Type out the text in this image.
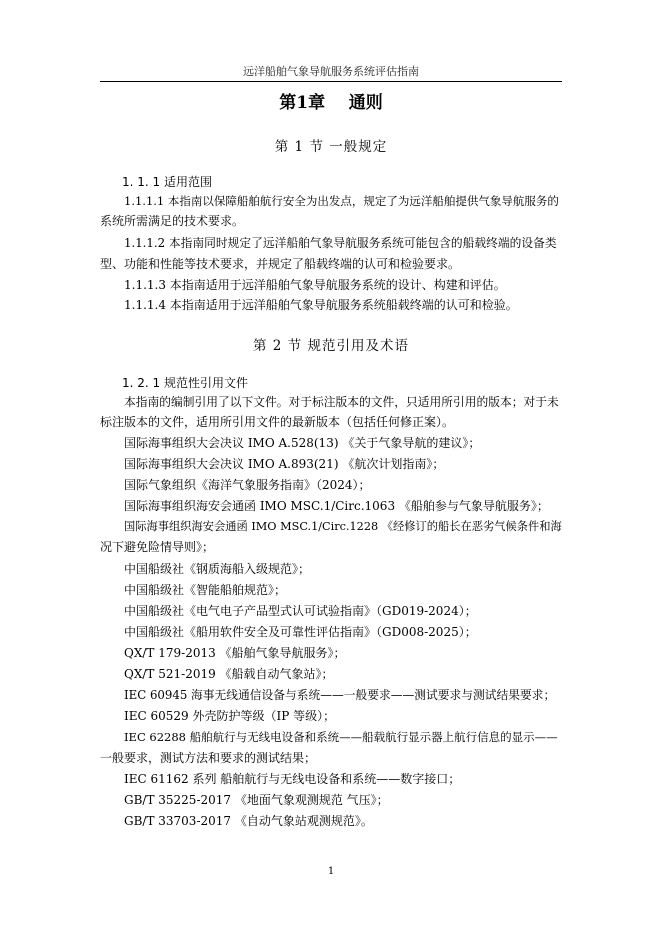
远洋船舶气象导航服务系统评估指南
第1章    通则
第 1 节 一般规定
1. 1. 1 适用范围
1.1.1.1 本指南以保障船舶航行安全为出发点，规定了为远洋船舶提供气象导航服务的
系统所需满足的技术要求。
1.1.1.2 本指南同时规定了远洋船舶气象导航服务系统可能包含的船载终端的设备类
型、功能和性能等技术要求，并规定了船载终端的认可和检验要求。
1.1.1.3 本指南适用于远洋船舶气象导航服务系统的设计、构建和评估。
1.1.1.4 本指南适用于远洋船舶气象导航服务系统船载终端的认可和检验。
第 2 节 规范引用及术语
1. 2. 1 规范性引用文件
本指南的编制引用了以下文件。对于标注版本的文件，只适用所引用的版本；对于未
标注版本的文件，适用所引用文件的最新版本（包括任何修正案）。
国际海事组织大会决议 IMO A.528(13) 《关于气象导航的建议》；
国际海事组织大会决议 IMO A.893(21) 《航次计划指南》；
国际气象组织《海洋气象服务指南》（2024）；
国际海事组织海安会通函 IMO MSC.1/Circ.1063 《船舶参与气象导航服务》；
国际海事组织海安会通函 IMO MSC.1/Circ.1228 《经修订的船长在恶劣气候条件和海
况下避免险情导则》；
中国船级社《钢质海船入级规范》；
中国船级社《智能船舶规范》；
中国船级社《电气电子产品型式认可试验指南》（GD019-2024）；
中国船级社《船用软件安全及可靠性评估指南》（GD008-2025）；
QX/T 179-2013 《船舶气象导航服务》；
QX/T 521-2019 《船载自动气象站》；
IEC 60945 海事无线通信设备与系统——一般要求——测试要求与测试结果要求；
IEC 60529 外壳防护等级（IP 等级）；
IEC 62288 船舶航行与无线电设备和系统——船载航行显示器上航行信息的显示——
一般要求，测试方法和要求的测试结果；
IEC 61162 系列 船舶航行与无线电设备和系统——数字接口；
GB/T 35225-2017 《地面气象观测规范 气压》；
GB/T 33703-2017 《自动气象站观测规范》。
1
